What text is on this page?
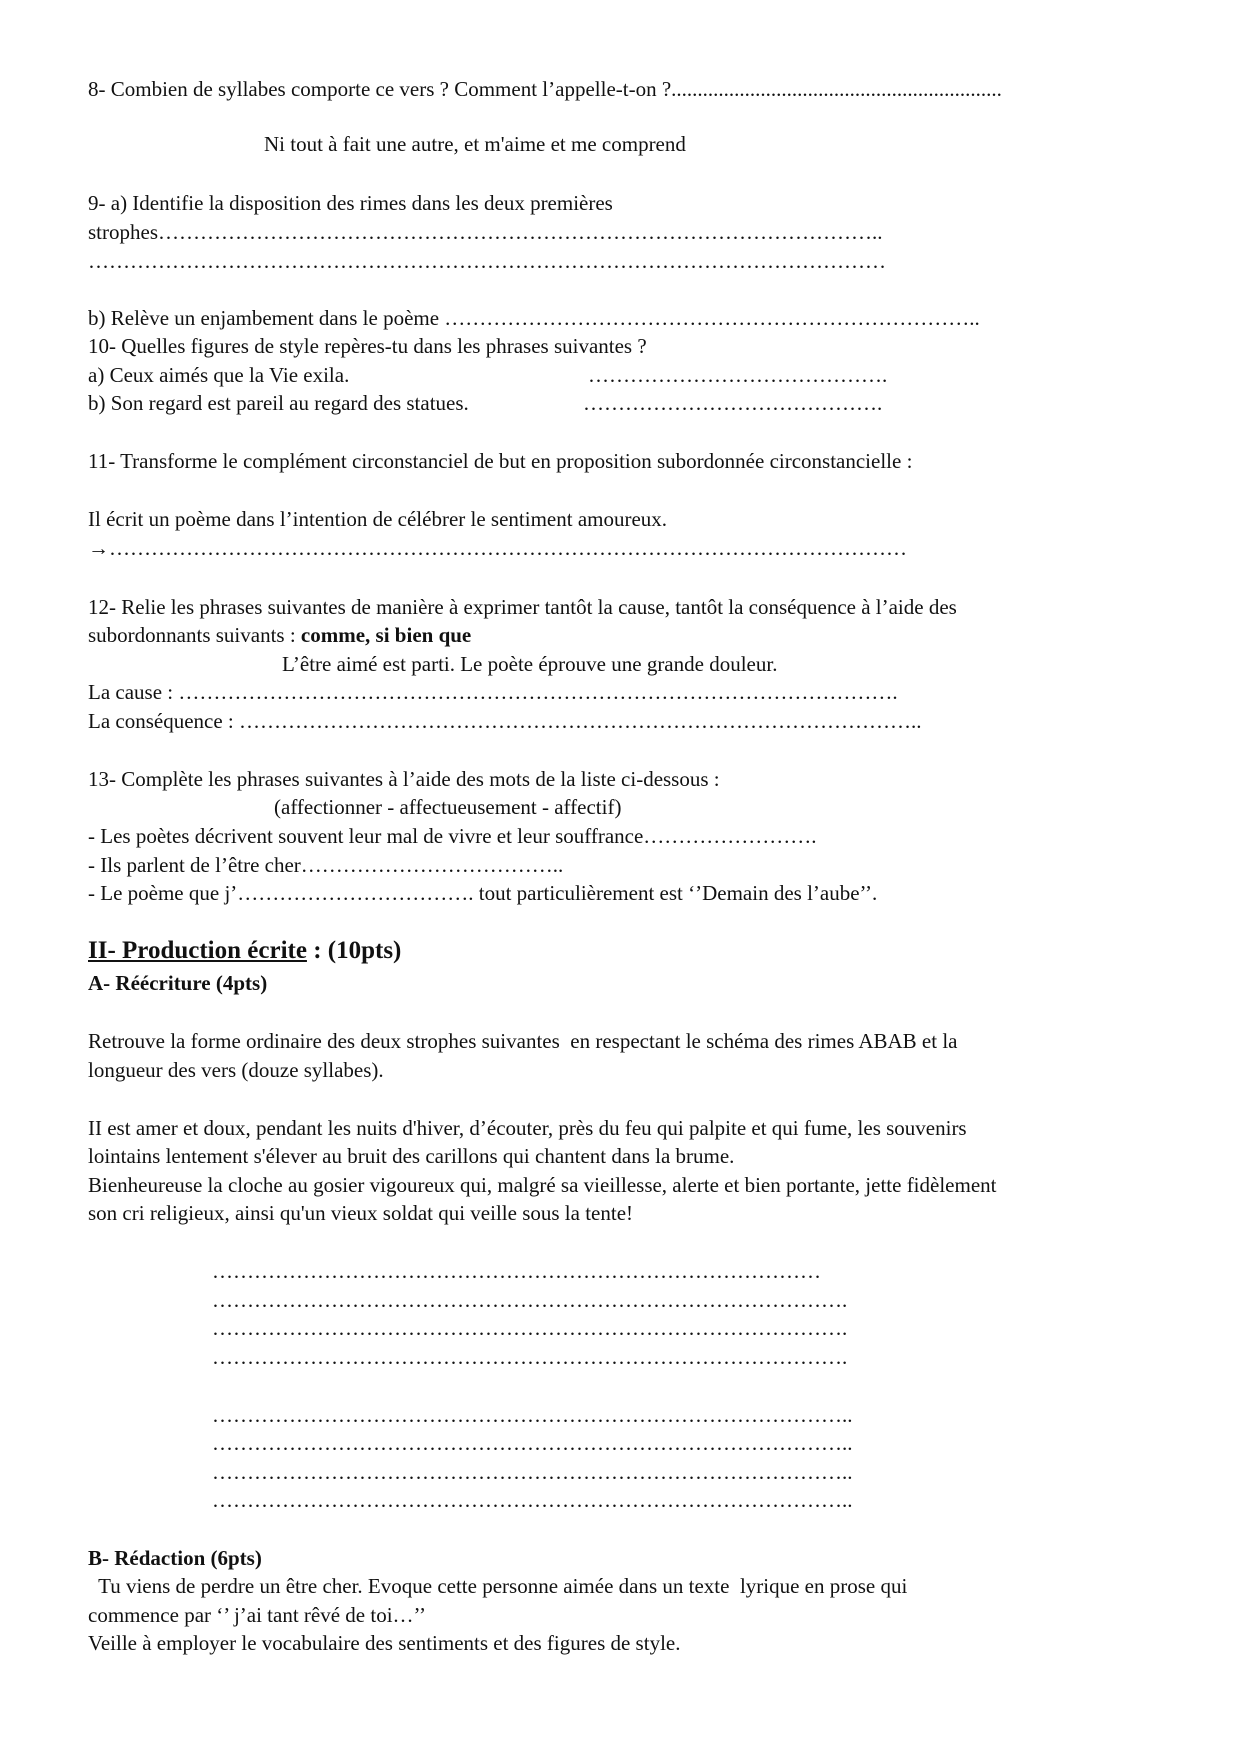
8- Combien de syllabes comporte ce vers ? Comment l’appelle-t-on ?...............................................................
Ni tout à fait une autre, et m'aime et me comprend
9- a) Identifie la disposition des rimes dans les deux premières
strophes…………………………………………………………………………………………..
……………………………………………………………………………………………………
b) Relève un enjambement dans le poème …………………………………………………………………..
10- Quelles figures de style repères-tu dans les phrases suivantes ?
a) Ceux aimés que la Vie exila.	…………………………………….
b) Son regard est pareil au regard des statues.	…………………………………….
11- Transforme le complément circonstanciel de but en proposition subordonnée circonstancielle :
Il écrit un poème dans l’intention de célébrer le sentiment amoureux.
→……………………………………………………………………………………………………
12- Relie les phrases suivantes de manière à exprimer tantôt la cause, tantôt la conséquence à l’aide des
subordonnants suivants : comme, si bien que
L’être aimé est parti. Le poète éprouve une grande douleur.
La cause : ………………………………………………………………………………………….
La conséquence : ……………………………………………………………………………………..
13- Complète les phrases suivantes à l’aide des mots de la liste ci-dessous :
(affectionner - affectueusement - affectif)
- Les poètes décrivent souvent leur mal de vivre et leur souffrance…………………….
- Ils parlent de l’être cher………………………………..
- Le poème que j’……………………………. tout particulièrement est ‘’Demain des l’aube’’.
II- Production écrite : (10pts)
A- Réécriture (4pts)
Retrouve la forme ordinaire des deux strophes suivantes  en respectant le schéma des rimes ABAB et la
longueur des vers (douze syllabes).
II est amer et doux, pendant les nuits d'hiver, d’écouter, près du feu qui palpite et qui fume, les souvenirs
lointains lentement s'élever au bruit des carillons qui chantent dans la brume.
Bienheureuse la cloche au gosier vigoureux qui, malgré sa vieillesse, alerte et bien portante, jette fidèlement
son cri religieux, ainsi qu'un vieux soldat qui veille sous la tente!
……………………………………………………………………………
……………………………………………………………………………….
……………………………………………………………………………….
……………………………………………………………………………….
………………………………………………………………………………..
………………………………………………………………………………..
………………………………………………………………………………..
………………………………………………………………………………..
B- Rédaction (6pts)
Tu viens de perdre un être cher. Evoque cette personne aimée dans un texte  lyrique en prose qui
commence par ‘’ j’ai tant rêvé de toi…’’
Veille à employer le vocabulaire des sentiments et des figures de style.
